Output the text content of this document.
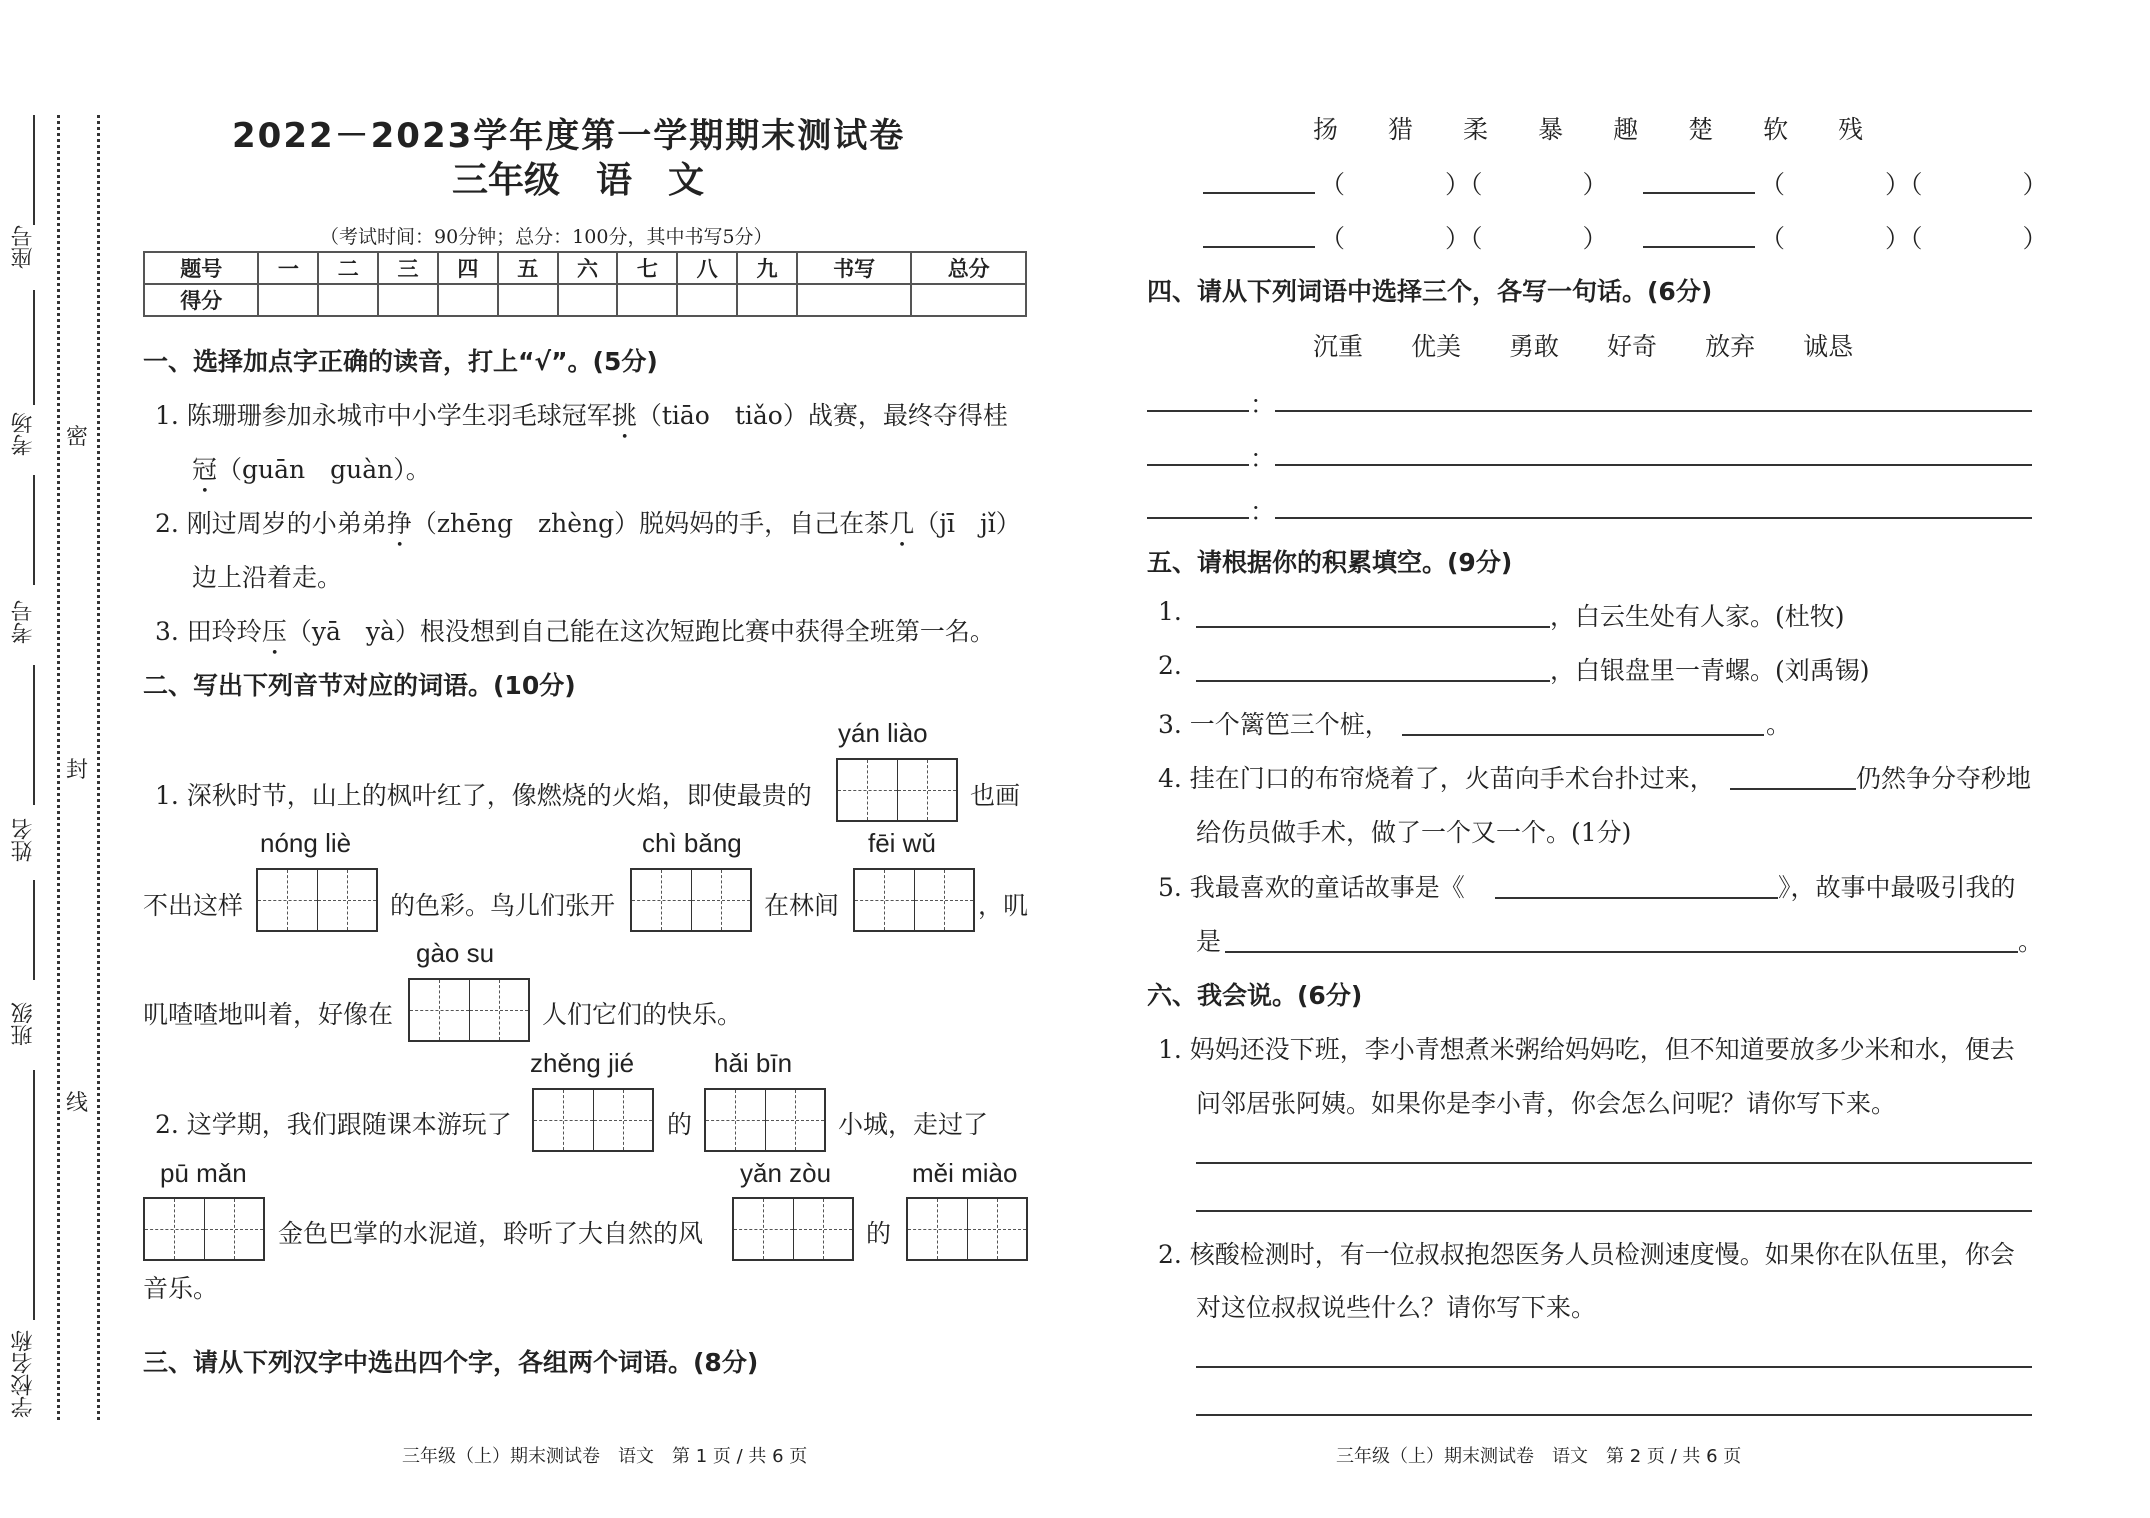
座号
考场
考号
姓名
班级
学校名称
密
封
线
2022－2023学年度第一学期期末测试卷
三年级　语　文
（考试时间：90分钟；总分：100分，其中书写5分）
题号	一	二	三	四	五	六	七	八	九	书写	总分
得分											
一、选择加点字正确的读音，打上“√”。(5分)
1. 陈珊珊参加永城市中小学生羽毛球冠军挑（tiāo　tiǎo）战赛，最终夺得桂
冠（guān　guàn）。
2. 刚过周岁的小弟弟挣（zhēng　zhèng）脱妈妈的手，自己在茶几（jī　jǐ）
边上沿着走。
3. 田玲玲压（yā　yà）根没想到自己能在这次短跑比赛中获得全班第一名。
二、写出下列音节对应的词语。(10分)
yán liào
1. 深秋时节，山上的枫叶红了，像燃烧的火焰，即使最贵的	也画
nóng liè	chì bǎng	fēi wǔ
不出这样	的色彩。鸟儿们张开	在林间	，叽
gào su
叽喳喳地叫着，好像在	人们它们的快乐。
zhěng jié	hǎi bīn
2. 这学期，我们跟随课本游玩了	的	小城，走过了
pū mǎn	yǎn zòu	měi miào
金色巴掌的水泥道，聆听了大自然的风	的
音乐。
三、请从下列汉字中选出四个字，各组两个词语。(8分)
三年级（上）期末测试卷　语文　第 1 页 / 共 6 页
扬 猎 柔 暴 趣 楚 软 残
（　　　　）（　　　　）	（　　　　）（　　　　）
（　　　　）（　　　　）	（　　　　）（　　　　）
四、请从下列词语中选择三个，各写一句话。(6分)
沉重 优美 勇敢 好奇 放弃 诚恳
：
：
：
五、请根据你的积累填空。(9分)
1.	，白云生处有人家。(杜牧)
2.	，白银盘里一青螺。(刘禹锡)
3. 一个篱笆三个桩，	。
4. 挂在门口的布帘烧着了，火苗向手术台扑过来，	仍然争分夺秒地
给伤员做手术，做了一个又一个。(1分)
5. 我最喜欢的童话故事是《	》，故事中最吸引我的
是	。
六、我会说。(6分)
1. 妈妈还没下班，李小青想煮米粥给妈妈吃，但不知道要放多少米和水，便去
问邻居张阿姨。如果你是李小青，你会怎么问呢？请你写下来。
2. 核酸检测时，有一位叔叔抱怨医务人员检测速度慢。如果你在队伍里，你会
对这位叔叔说些什么？请你写下来。
三年级（上）期末测试卷　语文　第 2 页 / 共 6 页
